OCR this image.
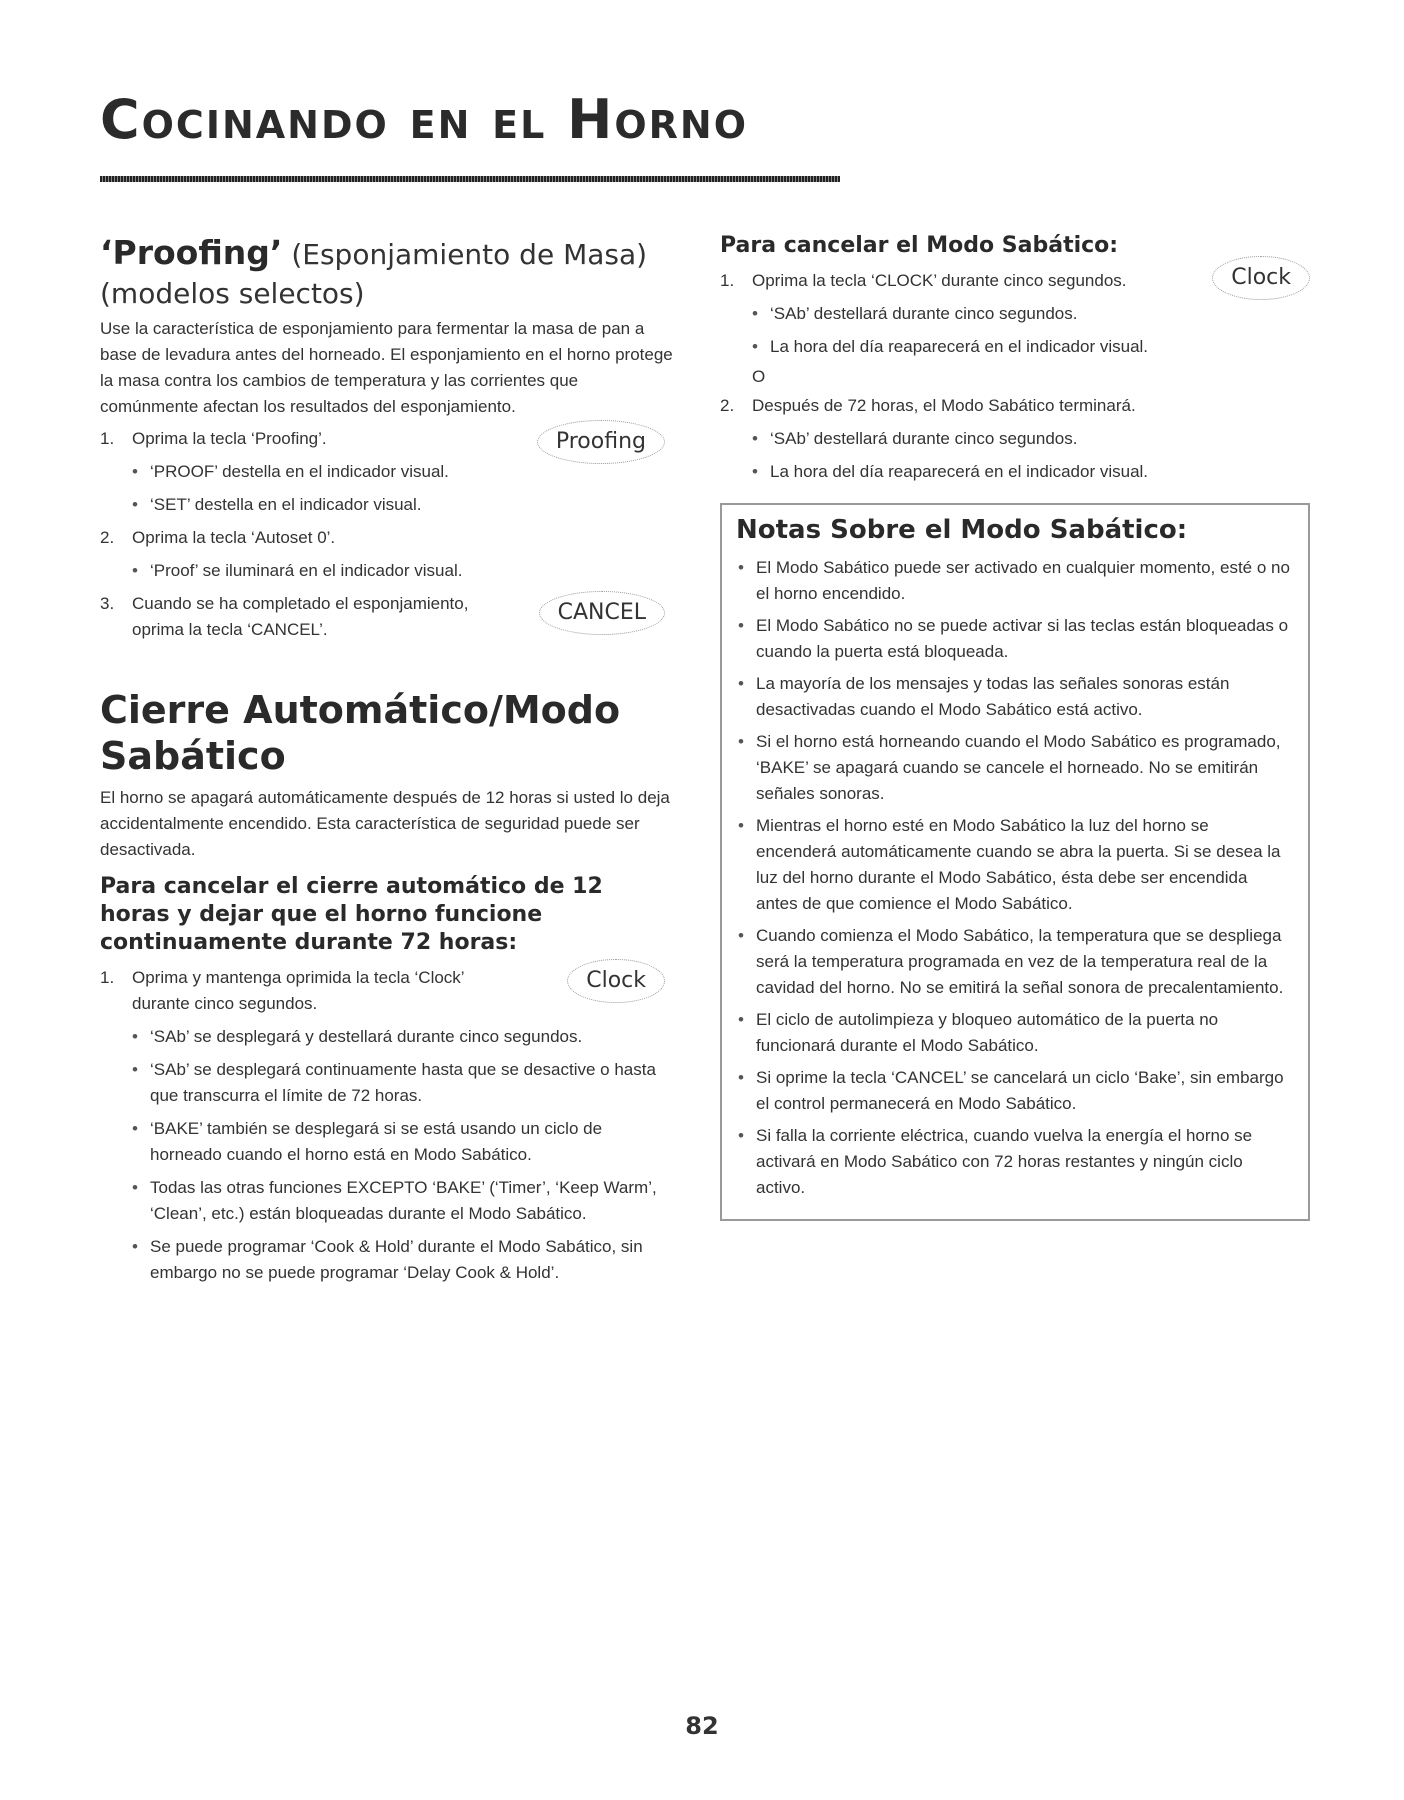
Cocinando en el Horno
‘Proofing’ (Esponjamiento de Masa)

(modelos selectos)

Use la característica de esponjamiento para fermentar la masa de pan a base de levadura antes del horneado. El esponjamiento en el horno protege la masa contra los cambios de temperatura y las corrientes que comúnmente afectan los resultados del esponjamiento.

1. Oprima la tecla ‘Proofing’.	Proofing
• ‘PROOF’ destella en el indicador visual.
• ‘SET’ destella en el indicador visual.
2. Oprima la tecla ‘Autoset 0’.
• ‘Proof’ se iluminará en el indicador visual.
3. Cuando se ha completado el esponjamiento, oprima la tecla ‘CANCEL’.
CANCEL
Cierre Automático/Modo Sabático

El horno se apagará automáticamente después de 12 horas si usted lo deja accidentalmente encendido. Esta característica de seguridad puede ser desactivada.

Para cancelar el cierre automático de 12 horas y dejar que el horno funcione continuamente durante 72 horas:
1. Oprima y mantenga oprimida la tecla ‘Clock’ durante cinco segundos.
Clock
• ‘SAb’ se desplegará y destellará durante cinco segundos.
• ‘SAb’ se desplegará continuamente hasta que se desactive o hasta que transcurra el límite de 72 horas.
• ‘BAKE’ también se desplegará si se está usando un ciclo de horneado cuando el horno está en Modo Sabático.
• Todas las otras funciones EXCEPTO ‘BAKE’ (‘Timer’, ‘Keep Warm’, ‘Clean’, etc.) están bloqueadas durante el Modo Sabático.
• Se puede programar ‘Cook & Hold’ durante el Modo Sabático, sin embargo no se puede programar ‘Delay Cook & Hold’.
Para cancelar el Modo Sabático:
1. Oprima la tecla ‘CLOCK’ durante cinco segundos.	Clock
• ‘SAb’ destellará durante cinco segundos.
• La hora del día reaparecerá en el indicador visual.

O

2. Después de 72 horas, el Modo Sabático terminará.
• ‘SAb’ destellará durante cinco segundos.
• La hora del día reaparecerá en el indicador visual.
Notas Sobre el Modo Sabático:
• El Modo Sabático puede ser activado en cualquier momento, esté o no el horno encendido.
• El Modo Sabático no se puede activar si las teclas están bloqueadas o cuando la puerta está bloqueada.
• La mayoría de los mensajes y todas las señales sonoras están desactivadas cuando el Modo Sabático está activo.
• Si el horno está horneando cuando el Modo Sabático es programado, ‘BAKE’ se apagará cuando se cancele el horneado. No se emitirán señales sonoras.
• Mientras el horno esté en Modo Sabático la luz del horno se encenderá automáticamente cuando se abra la puerta. Si se desea la luz del horno durante el Modo Sabático, ésta debe ser encendida antes de que comience el Modo Sabático.
• Cuando comienza el Modo Sabático, la temperatura que se despliega será la temperatura programada en vez de la temperatura real de la cavidad del horno. No se emitirá la señal sonora de precalentamiento.
• El ciclo de autolimpieza y bloqueo automático de la puerta no funcionará durante el Modo Sabático.
• Si oprime la tecla ‘CANCEL’ se cancelará un ciclo ‘Bake’, sin embargo el control permanecerá en Modo Sabático.
• Si falla la corriente eléctrica, cuando vuelva la energía el horno se activará en Modo Sabático con 72 horas restantes y ningún ciclo activo.
82
